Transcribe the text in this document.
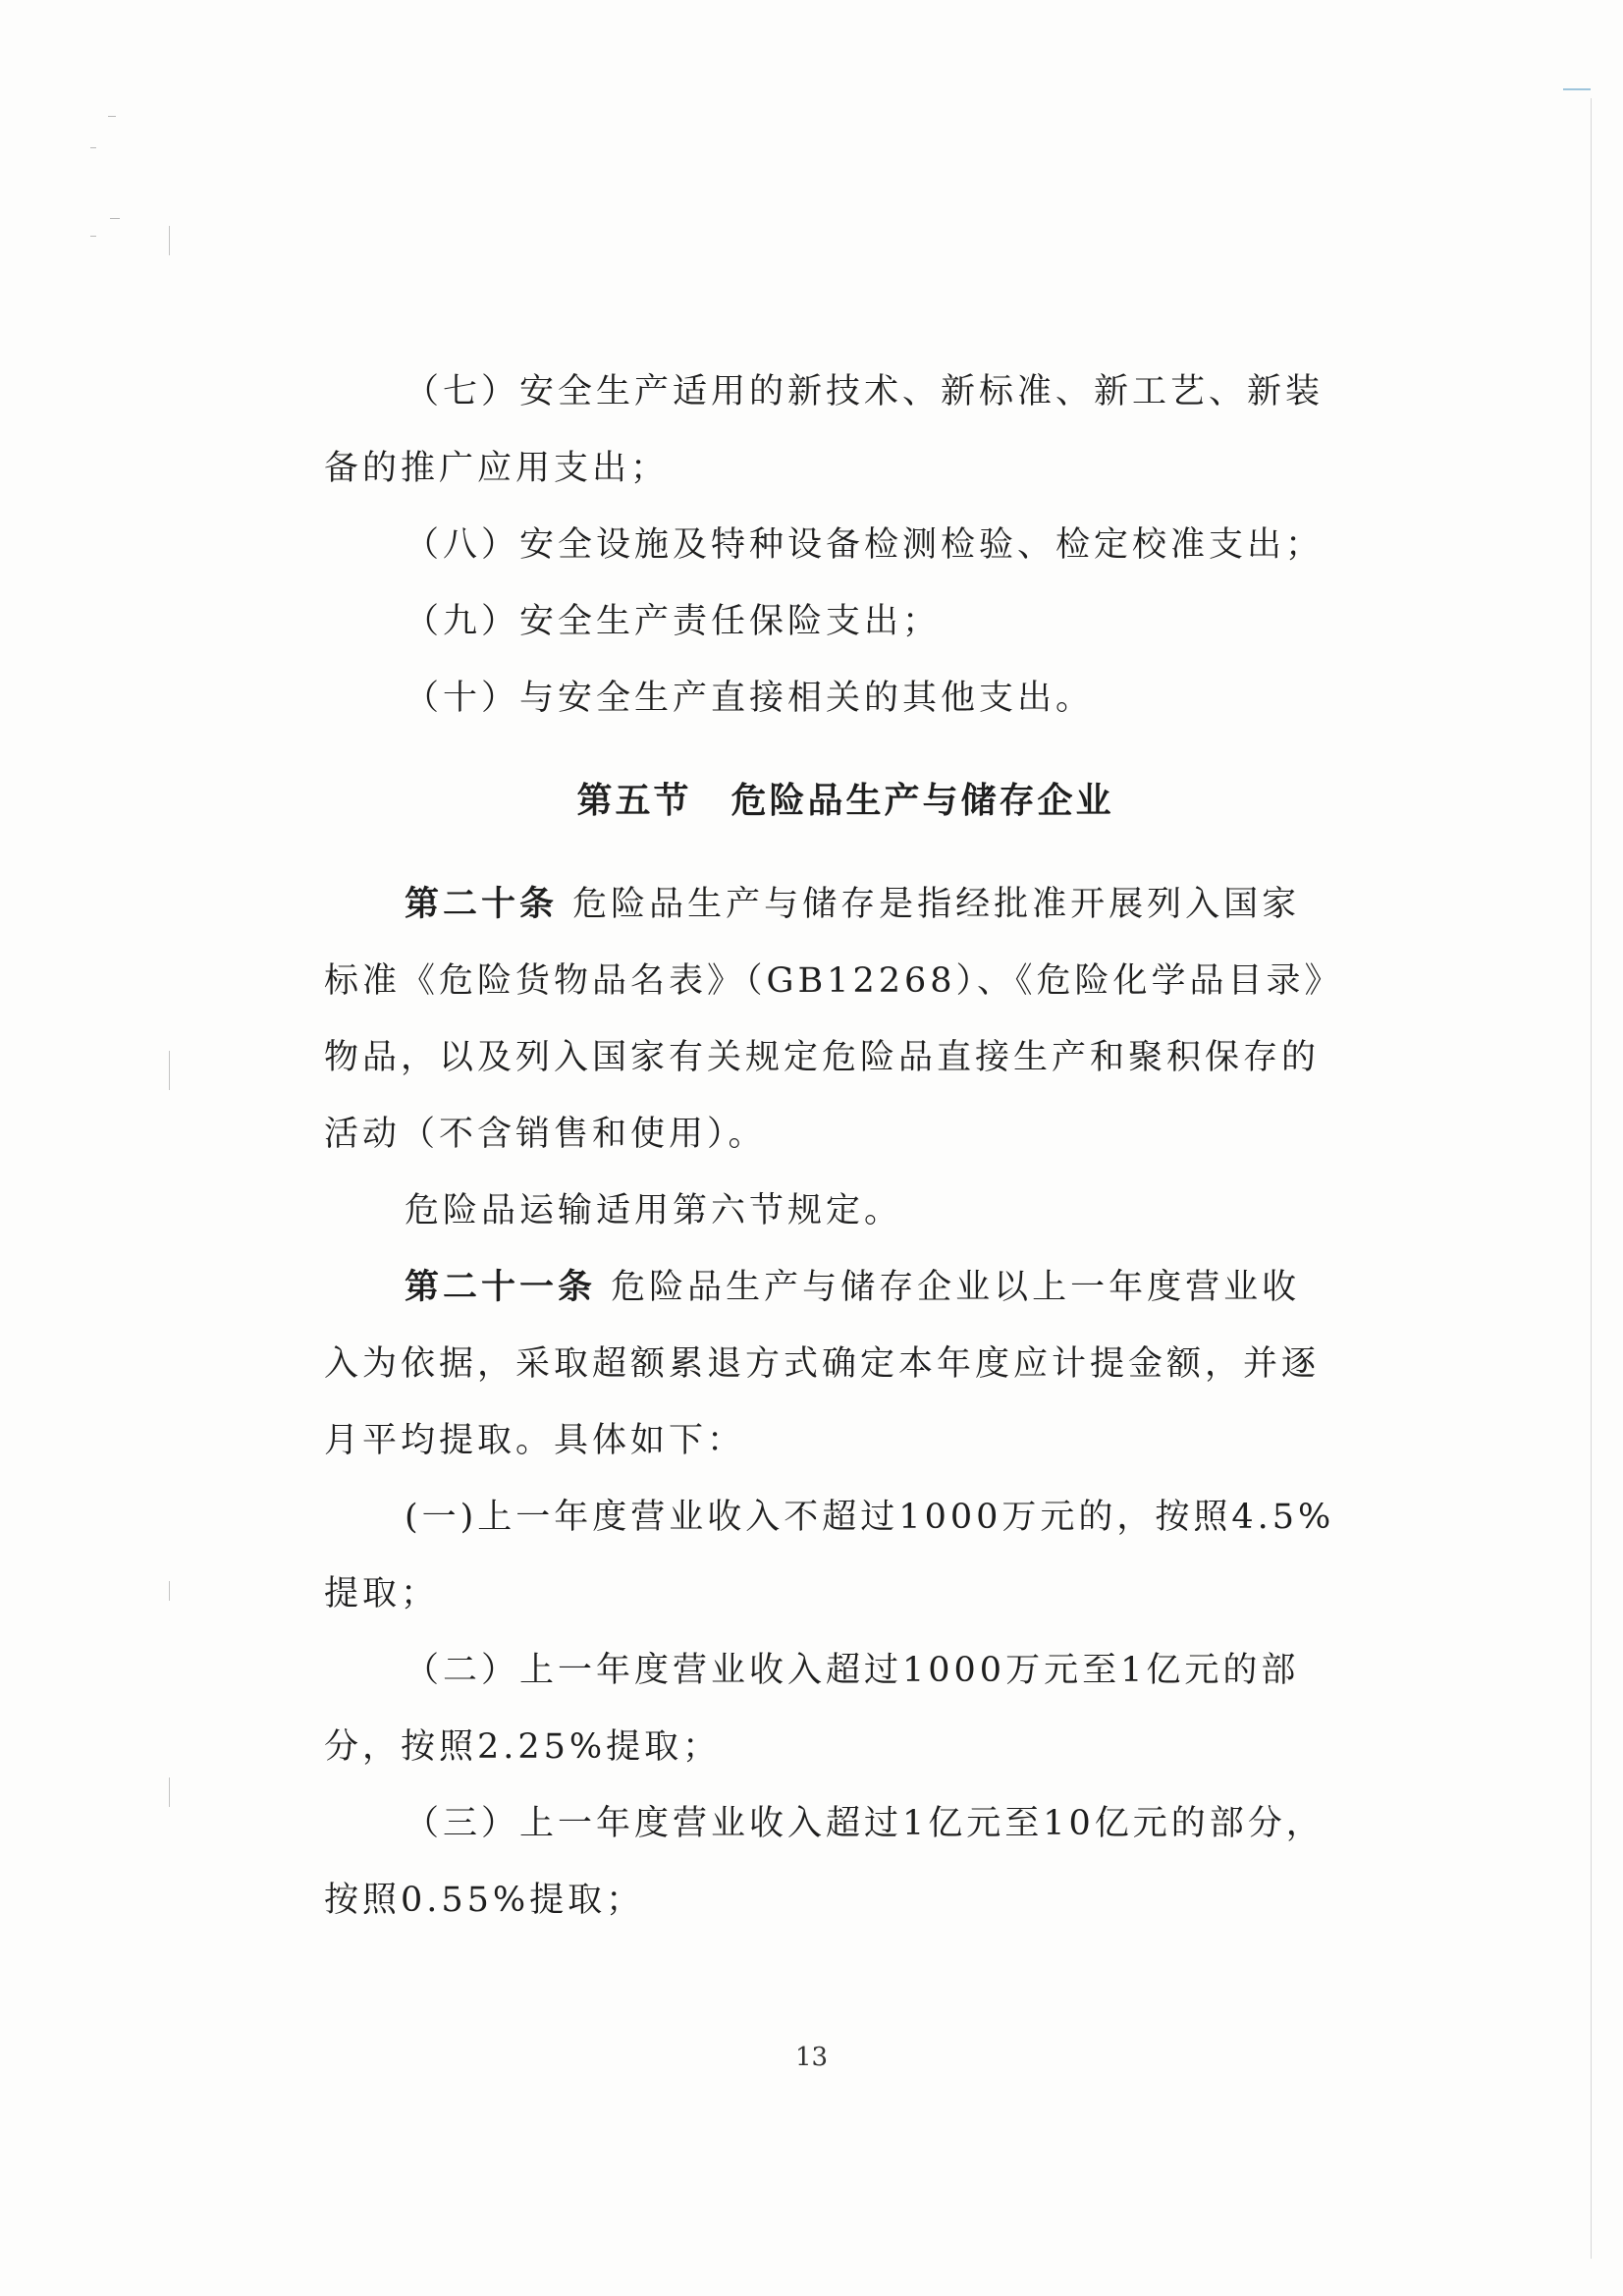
（七）安全生产适用的新技术、新标准、新工艺、新装

备的推广应用支出；

（八）安全设施及特种设备检测检验、检定校准支出；

（九）安全生产责任保险支出；

（十）与安全生产直接相关的其他支出。

第五节 危险品生产与储存企业

第二十条 危险品生产与储存是指经批准开展列入国家

标准《危险货物品名表》（GB12268）、《危险化学品目录》

物品，以及列入国家有关规定危险品直接生产和聚积保存的

活动（不含销售和使用）。

危险品运输适用第六节规定。

第二十一条 危险品生产与储存企业以上一年度营业收

入为依据，采取超额累退方式确定本年度应计提金额，并逐

月平均提取。具体如下：

(一)上一年度营业收入不超过1000万元的，按照4.5%

提取；

（二）上一年度营业收入超过1000万元至1亿元的部

分，按照2.25%提取；

（三）上一年度营业收入超过1亿元至10亿元的部分，

按照0.55%提取；

13
